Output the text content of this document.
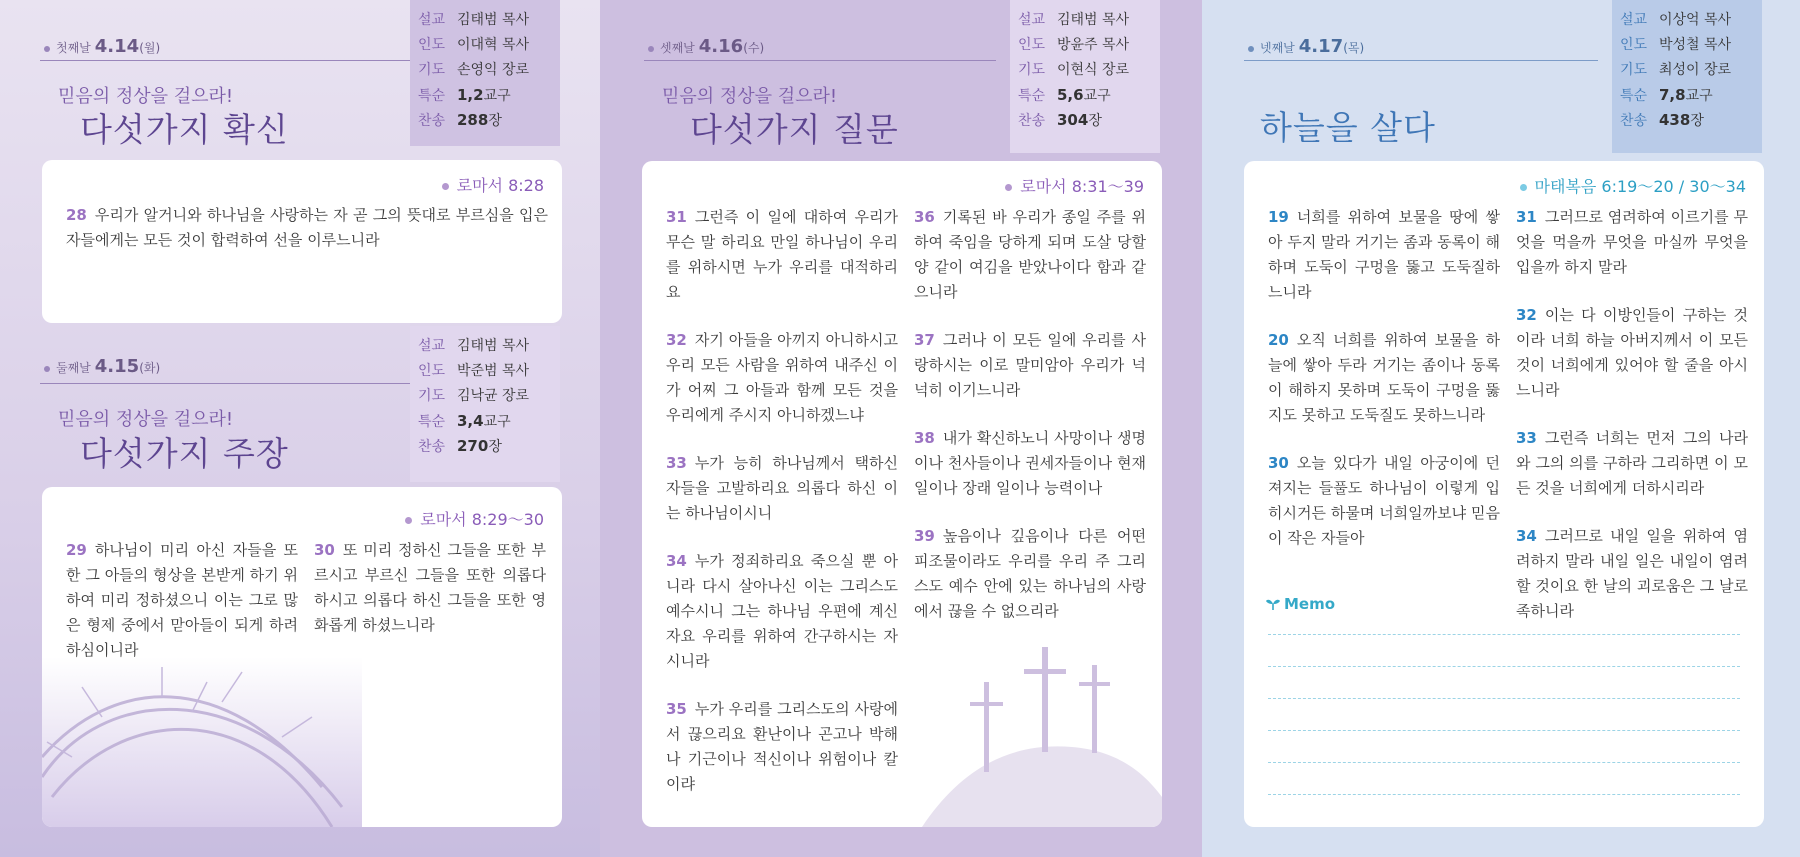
첫째날 4.14(월)
믿음의 정상을 걸으라!
다섯가지 확신
설교 김태범 목사
인도 이대혁 목사
기도 손영익 장로
특순 1,2교구
찬송 288장
로마서 8:28

28 우리가 알거니와 하나님을 사랑하는 자 곧 그의 뜻대로 부르심을 입은 자들에게는 모든 것이 합력하여 선을 이루느니라

둘째날 4.15(화)
믿음의 정상을 걸으라!
다섯가지 주장
설교 김태범 목사
인도 박준범 목사
기도 김낙균 장로
특순 3,4교구
찬송 270장
로마서 8:29～30

29 하나님이 미리 아신 자들을 또한 그 아들의 형상을 본받게 하기 위하여 미리 정하셨으니 이는 그로 많은 형제 중에서 맏아들이 되게 하려 하심이니라

30 또 미리 정하신 그들을 또한 부르시고 부르신 그들을 또한 의롭다 하시고 의롭다 하신 그들을 또한 영화롭게 하셨느니라

셋째날 4.16(수)
믿음의 정상을 걸으라!
다섯가지 질문
설교 김태범 목사
인도 방윤주 목사
기도 이현식 장로
특순 5,6교구
찬송 304장
로마서 8:31～39

31 그런즉 이 일에 대하여 우리가 무슨 말 하리요 만일 하나님이 우리를 위하시면 누가 우리를 대적하리요

32 자기 아들을 아끼지 아니하시고 우리 모든 사람을 위하여 내주신 이가 어찌 그 아들과 함께 모든 것을 우리에게 주시지 아니하겠느냐

33 누가 능히 하나님께서 택하신 자들을 고발하리요 의롭다 하신 이는 하나님이시니

34 누가 정죄하리요 죽으실 뿐 아니라 다시 살아나신 이는 그리스도 예수시니 그는 하나님 우편에 계신 자요 우리를 위하여 간구하시는 자시니라

35 누가 우리를 그리스도의 사랑에서 끊으리요 환난이나 곤고나 박해나 기근이나 적신이나 위험이나 칼이랴

36 기록된 바 우리가 종일 주를 위하여 죽임을 당하게 되며 도살 당할 양 같이 여김을 받았나이다 함과 같으니라

37 그러나 이 모든 일에 우리를 사랑하시는 이로 말미암아 우리가 넉넉히 이기느니라

38 내가 확신하노니 사망이나 생명이나 천사들이나 권세자들이나 현재 일이나 장래 일이나 능력이나

39 높음이나 깊음이나 다른 어떤 피조물이라도 우리를 우리 주 그리스도 예수 안에 있는 하나님의 사랑에서 끊을 수 없으리라

넷째날 4.17(목)
하늘을 살다
설교 이상억 목사
인도 박성철 목사
기도 최성이 장로
특순 7,8교구
찬송 438장
마태복음 6:19～20 / 30～34

19 너희를 위하여 보물을 땅에 쌓아 두지 말라 거기는 좀과 동록이 해하며 도둑이 구멍을 뚫고 도둑질하느니라

20 오직 너희를 위하여 보물을 하늘에 쌓아 두라 거기는 좀이나 동록이 해하지 못하며 도둑이 구멍을 뚫지도 못하고 도둑질도 못하느니라

30 오늘 있다가 내일 아궁이에 던져지는 들풀도 하나님이 이렇게 입히시거든 하물며 너희일까보냐 믿음이 작은 자들아

31 그러므로 염려하여 이르기를 무엇을 먹을까 무엇을 마실까 무엇을 입을까 하지 말라

32 이는 다 이방인들이 구하는 것이라 너희 하늘 아버지께서 이 모든 것이 너희에게 있어야 할 줄을 아시느니라

33 그런즉 너희는 먼저 그의 나라와 그의 의를 구하라 그리하면 이 모든 것을 너희에게 더하시리라

34 그러므로 내일 일을 위하여 염려하지 말라 내일 일은 내일이 염려할 것이요 한 날의 괴로움은 그 날로 족하니라

Memo
